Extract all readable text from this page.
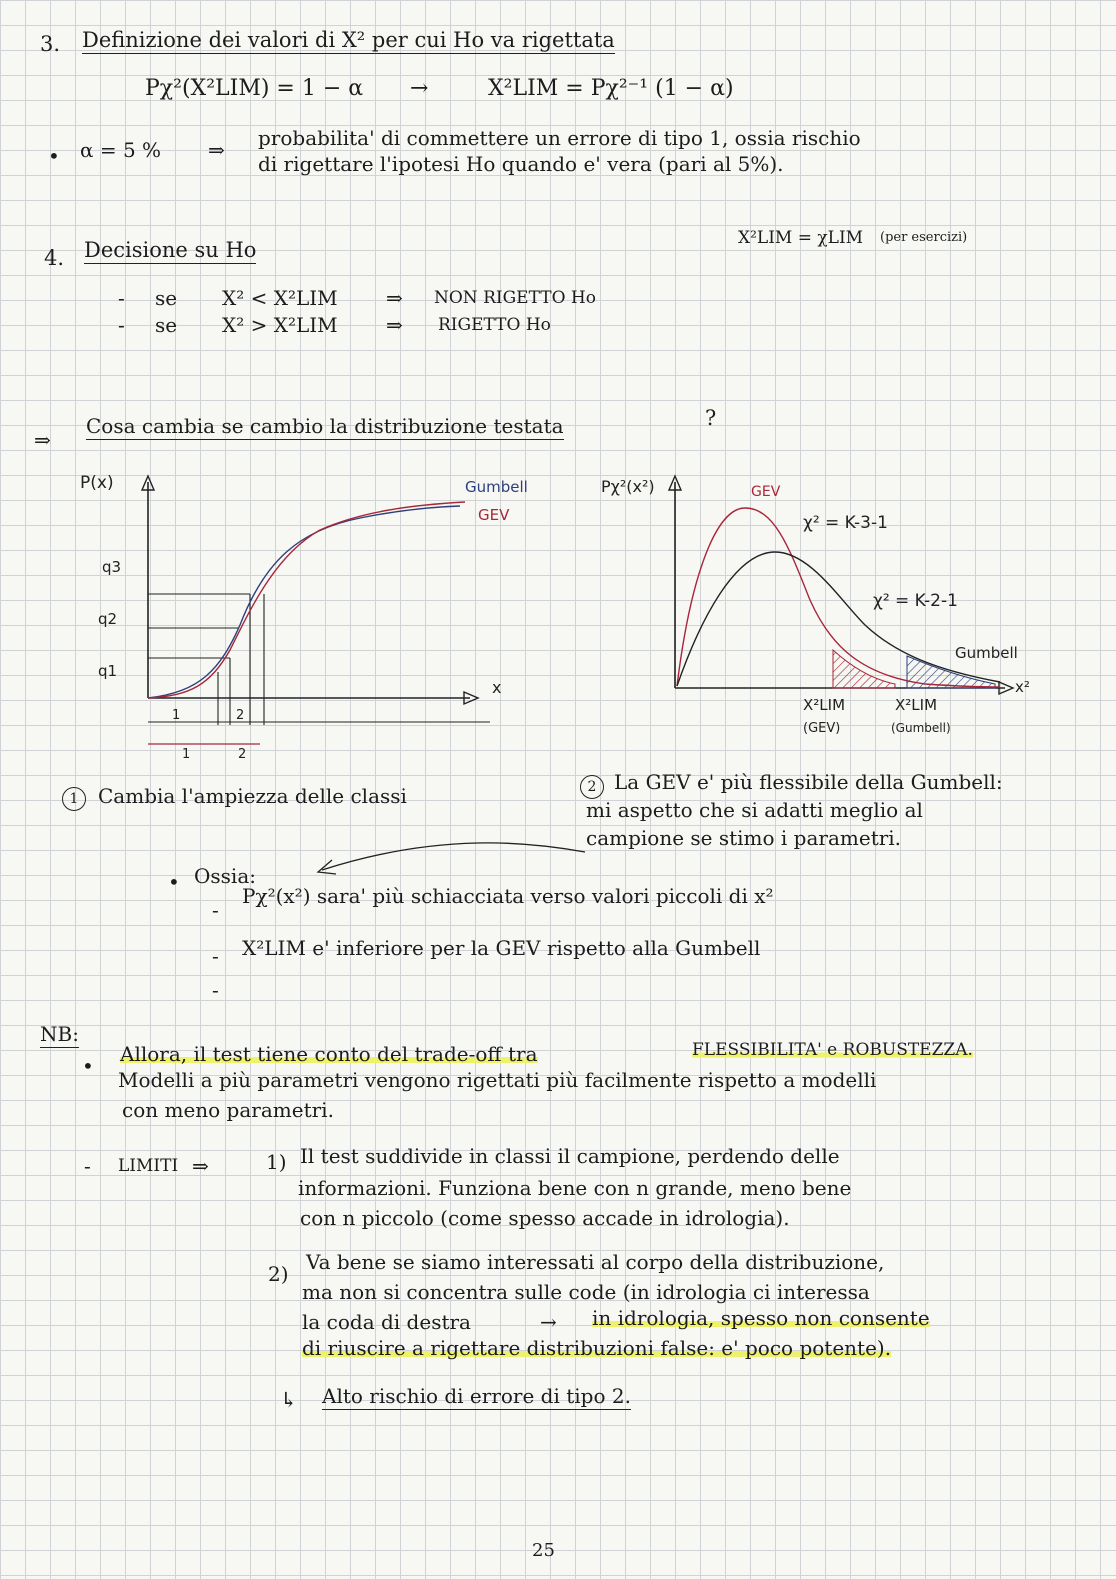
3. Definizione dei valori di X² per cui Ho va rigettata
Pχ²(X²LIM) = 1 − α →	X²LIM = Pχ²⁻¹ (1 − α)
• α = 5 % ⇒ probabilita' di commettere un errore di tipo 1, ossia rischio
di rigettare l'ipotesi Ho quando e' vera (pari al 5%).
4. Decisione su Ho	X²LIM = χLIM (per esercizi)
- se X² < X²LIM ⇒ NON RIGETTO Ho
- se X² > X²LIM ⇒ RIGETTO Ho
⇒
Cosa cambia se cambio la distribuzione testata	?
P(x)
x
q3
q2
q1
Gumbell
GEV
1	2
1	2
Pχ²(x²)
x²
GEV
χ² = K-3-1
χ² = K-2-1
Gumbell
X²LIM
(GEV)
X²LIM
(Gumbell)
1 Cambia l'ampiezza delle classi	2 La GEV e' più flessibile della Gumbell:
mi aspetto che si adatti meglio al
campione se stimo i parametri.
• Ossia:
-
Pχ²(x²) sara' più schiacciata verso valori piccoli di x²
- X²LIM e' inferiore per la GEV rispetto alla Gumbell
-
NB:
• Allora, il test tiene conto del trade-off tra	FLESSIBILITA' e ROBUSTEZZA.
Modelli a più parametri vengono rigettati più facilmente rispetto a modelli
con meno parametri.
- LIMITI ⇒	1) Il test suddivide in classi il campione, perdendo delle
informazioni. Funziona bene con n grande, meno bene
con n piccolo (come spesso accade in idrologia).
2) Va bene se siamo interessati al corpo della distribuzione,
ma non si concentra sulle code (in idrologia ci interessa
la coda di destra	→ in idrologia, spesso non consente
di riuscire a rigettare distribuzioni false: e' poco potente).
↳ Alto rischio di errore di tipo 2.
25
